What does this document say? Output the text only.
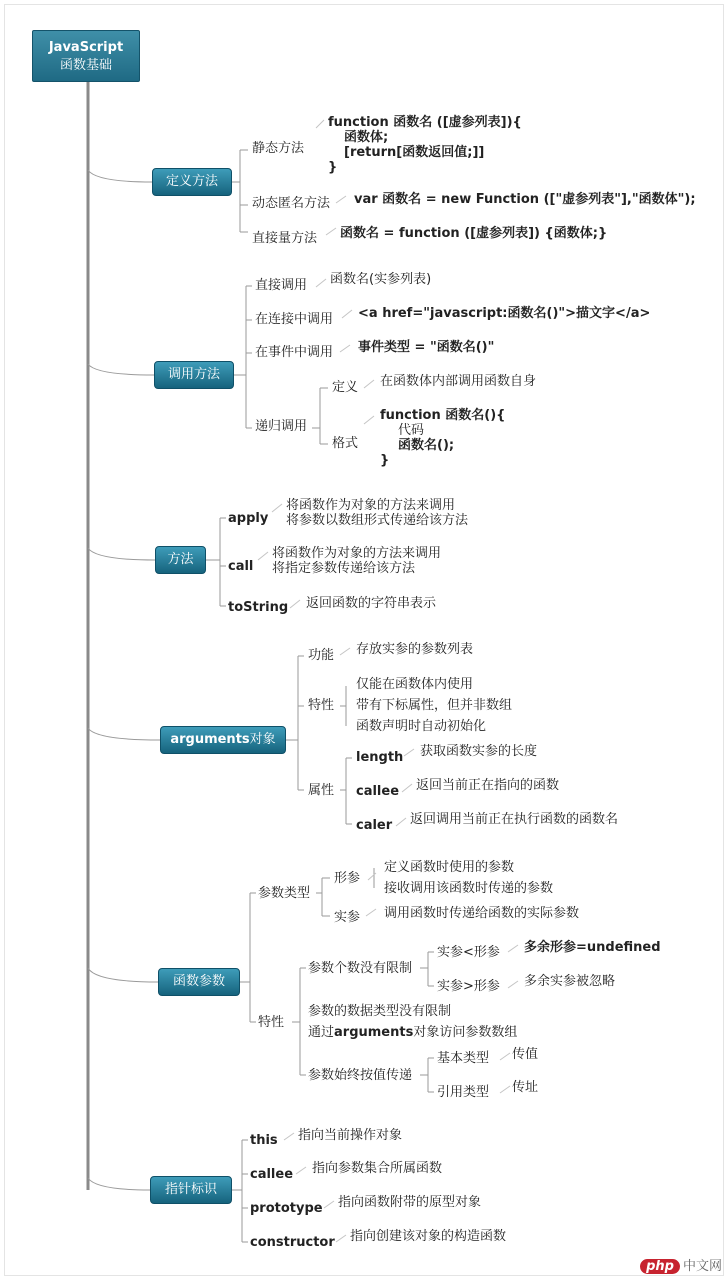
JavaScript
函数基础
定义方法
静态方法
function 函数名 ([虚参列表]){
函数体;
[return[函数返回值;]]
}
动态匿名方法 var 函数名 = new Function (["虚参列表"],"函数体");
直接量方法 函数名 = function ([虚参列表]) {函数体;}
调用方法
直接调用 函数名(实参列表)
在连接中调用 <a href="javascript:函数名()">描文字</a>
在事件中调用 事件类型 = "函数名()"
递归调用
定义 在函数体内部调用函数自身
格式
function 函数名(){
代码
函数名();
}
方法
apply
将函数作为对象的方法来调用
将参数以数组形式传递给该方法
call
将函数作为对象的方法来调用
将指定参数传递给该方法
toString 返回函数的字符串表示
arguments对象
功能 存放实参的参数列表
特性
仅能在函数体内使用
带有下标属性，但并非数组
函数声明时自动初始化
属性
length 获取函数实参的长度
callee 返回当前正在指向的函数
caler 返回调用当前正在执行函数的函数名
函数参数
参数类型
形参
定义函数时使用的参数
接收调用该函数时传递的参数
实参 调用函数时传递给函数的实际参数
特性
参数个数没有限制
实参<形参 多余形参=undefined
实参>形参 多余实参被忽略
参数的数据类型没有限制
通过arguments对象访问参数数组
参数始终按值传递
基本类型 传值
引用类型 传址
指针标识
this 指向当前操作对象
callee 指向参数集合所属函数
prototype 指向函数附带的原型对象
constructor 指向创建该对象的构造函数
php 中文网
